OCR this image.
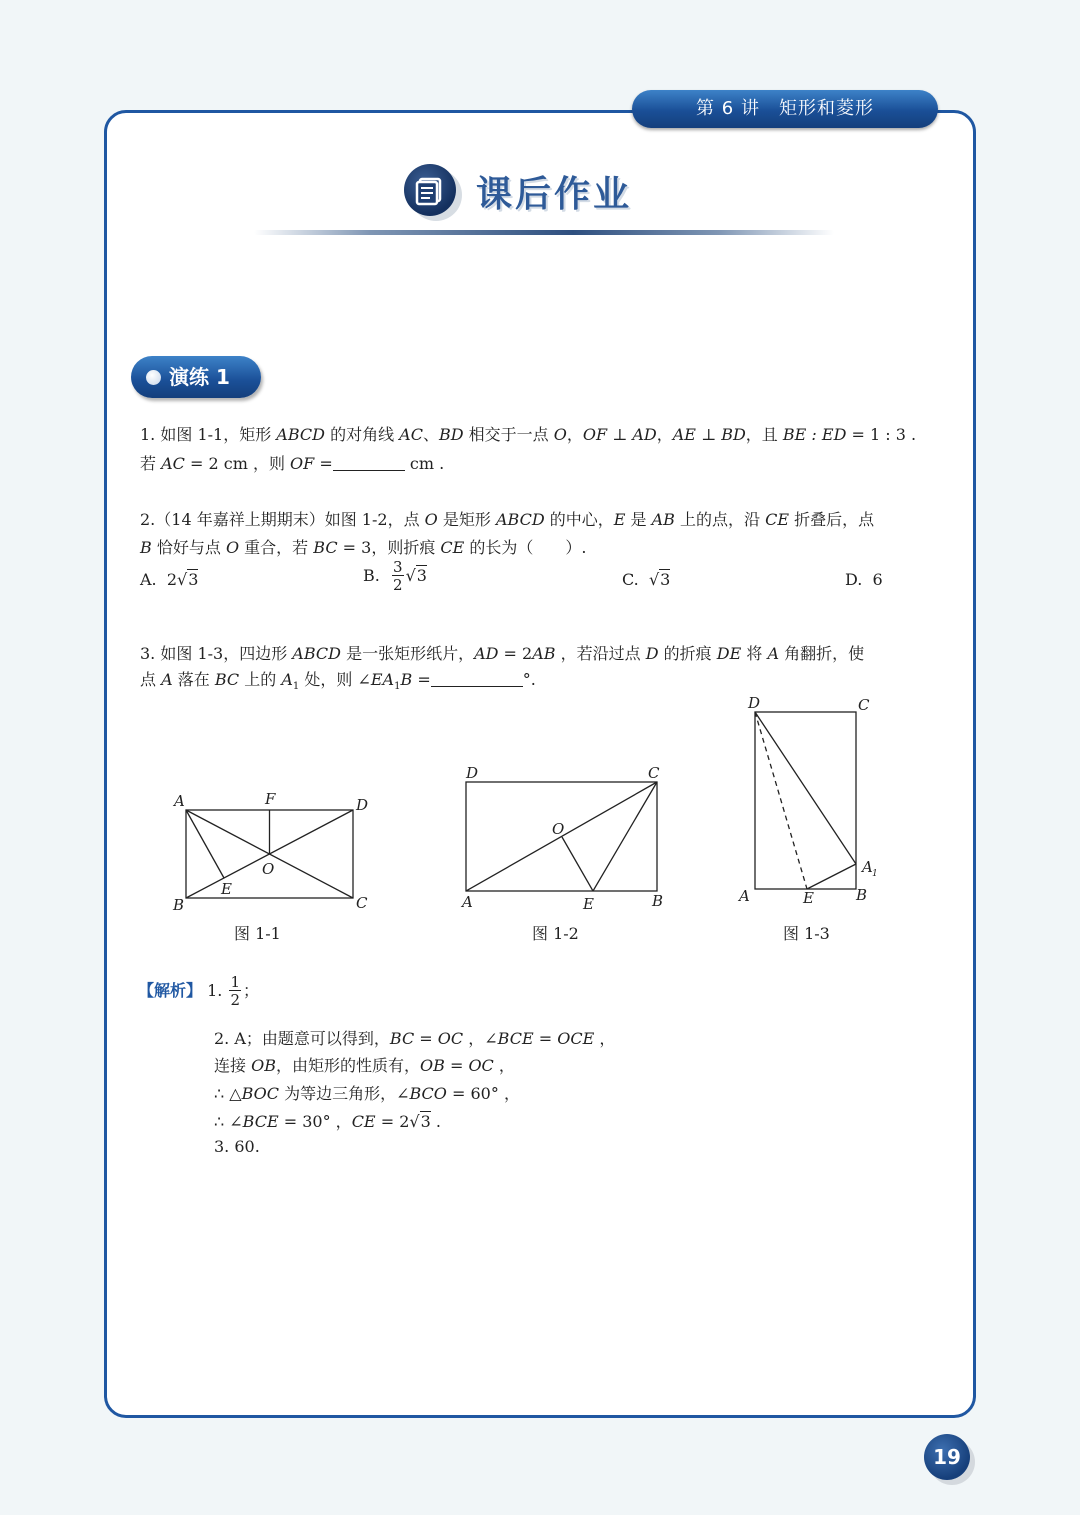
第 6 讲　矩形和菱形
课后作业
演练 1
1. 如图 1-1，矩形 ABCD 的对角线 AC、BD 相交于一点 O，OF ⊥ AD，AE ⊥ BD，且 BE : ED = 1 : 3 .
若 AC = 2 cm ，则 OF =	cm .
2.（14 年嘉祥上期期末）如图 1-2，点 O 是矩形 ABCD 的中心，E 是 AB 上的点，沿 CE 折叠后，点
B 恰好与点 O 重合，若 BC = 3，则折痕 CE 的长为（　　）.
A. 2√3	B. $\frac{3}{2} √3$	C.  √3	D. 6
3. 如图 1-3，四边形 ABCD 是一张矩形纸片，AD = 2AB ，若沿过点 D 的折痕 DE 将 A 角翻折，使
点 A 落在 BC 上的 $A_1$ 处，则 $\angle EA_1B$ =	°.
A	F	D
O
E
B	C
图 1-1
D	C
O
A	E	B
图 1-2
D	C
A 1
A	E	B
图 1-3
【解析】 1. $\frac{1}{2}$ ；
2. A；由题意可以得到，BC = OC ，∠BCE = OCE ，
连接 OB，由矩形的性质有，OB = OC ，
∴ △BOC 为等边三角形，∠BCO = 60° ，
∴ ∠BCE = 30° ，CE = 2√3 .
3. 60.
19
